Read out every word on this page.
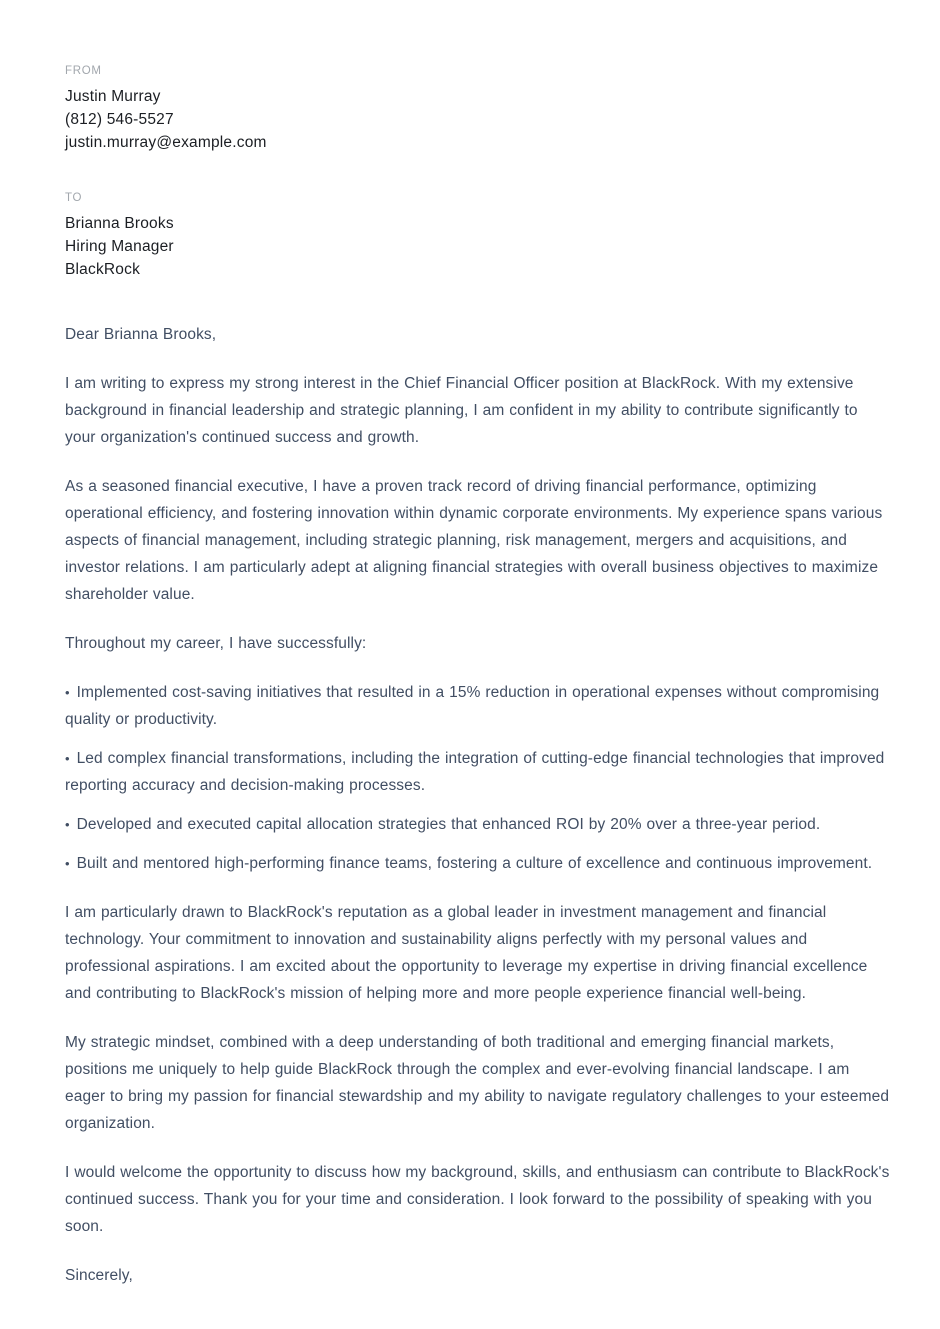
FROM
Justin Murray
(812) 546-5527
justin.murray@example.com
TO
Brianna Brooks
Hiring Manager
BlackRock

Dear Brianna Brooks,

I am writing to express my strong interest in the Chief Financial Officer position at BlackRock. With my extensive background in financial leadership and strategic planning, I am confident in my ability to contribute significantly to your organization's continued success and growth.

As a seasoned financial executive, I have a proven track record of driving financial performance, optimizing operational efficiency, and fostering innovation within dynamic corporate environments. My experience spans various aspects of financial management, including strategic planning, risk management, mergers and acquisitions, and investor relations. I am particularly adept at aligning financial strategies with overall business objectives to maximize shareholder value.

Throughout my career, I have successfully:

• Implemented cost-saving initiatives that resulted in a 15% reduction in operational expenses without compromising quality or productivity.

• Led complex financial transformations, including the integration of cutting-edge financial technologies that improved reporting accuracy and decision-making processes.

• Developed and executed capital allocation strategies that enhanced ROI by 20% over a three-year period.

• Built and mentored high-performing finance teams, fostering a culture of excellence and continuous improvement.

I am particularly drawn to BlackRock's reputation as a global leader in investment management and financial technology. Your commitment to innovation and sustainability aligns perfectly with my personal values and professional aspirations. I am excited about the opportunity to leverage my expertise in driving financial excellence and contributing to BlackRock's mission of helping more and more people experience financial well-being.

My strategic mindset, combined with a deep understanding of both traditional and emerging financial markets, positions me uniquely to help guide BlackRock through the complex and ever-evolving financial landscape. I am eager to bring my passion for financial stewardship and my ability to navigate regulatory challenges to your esteemed organization.

I would welcome the opportunity to discuss how my background, skills, and enthusiasm can contribute to BlackRock's continued success. Thank you for your time and consideration. I look forward to the possibility of speaking with you soon.

Sincerely,
